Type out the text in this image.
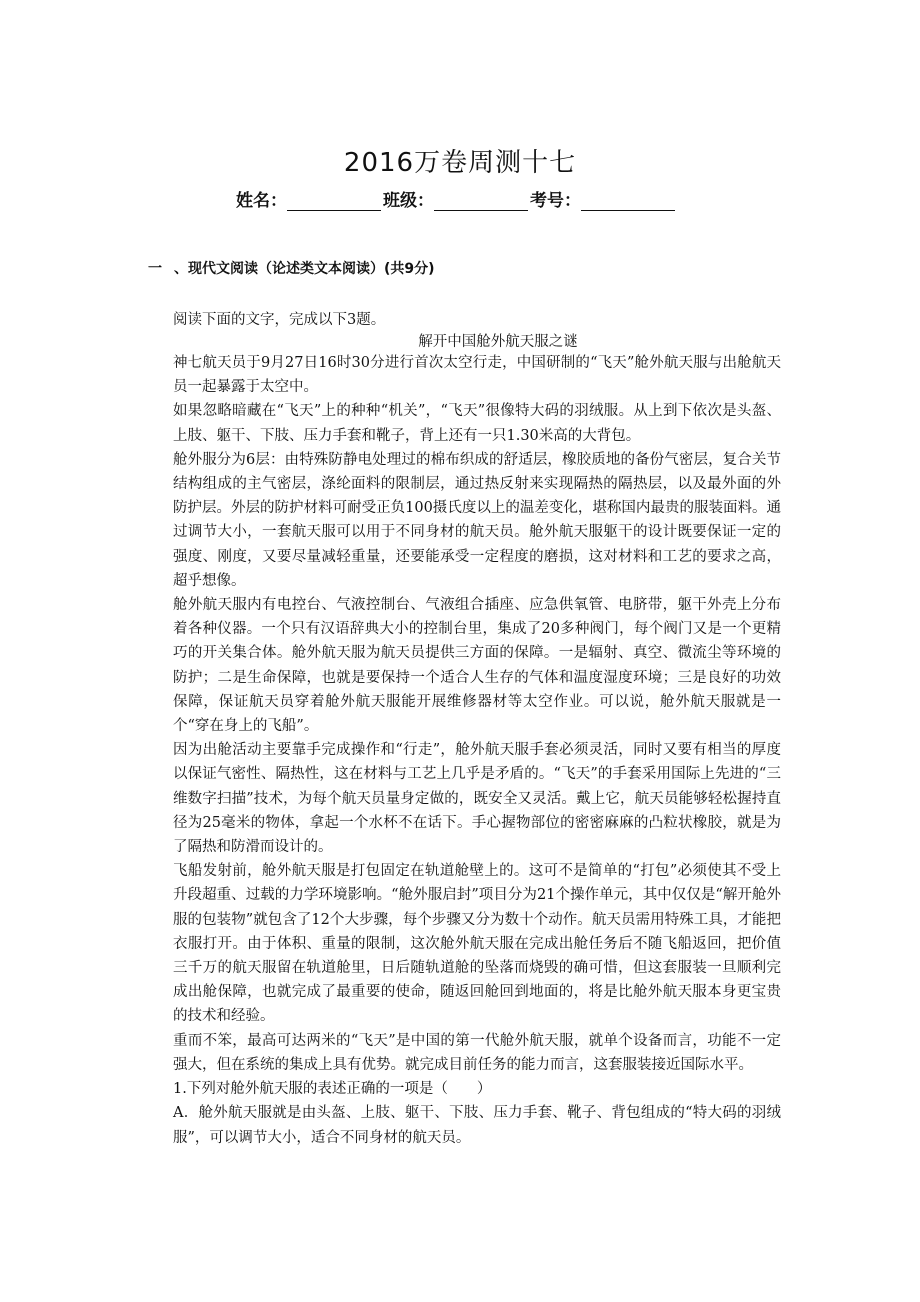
2016万卷周测十七
姓名：	班级：	考号：
一 、现代文阅读（论述类文本阅读）(共9分)
阅读下面的文字，完成以下3题。
解开中国舱外航天服之谜

神七航天员于9月27日16时30分进行首次太空行走，中国研制的“飞天”舱外航天服与出舱航天员一起暴露于太空中。

如果忽略暗藏在“飞天”上的种种“机关”，“飞天”很像特大码的羽绒服。从上到下依次是头盔、上肢、躯干、下肢、压力手套和靴子，背上还有一只1.30米高的大背包。

舱外服分为6层：由特殊防静电处理过的棉布织成的舒适层，橡胶质地的备份气密层，复合关节结构组成的主气密层，涤纶面料的限制层，通过热反射来实现隔热的隔热层，以及最外面的外防护层。外层的防护材料可耐受正负100摄氏度以上的温差变化，堪称国内最贵的服装面料。通过调节大小，一套航天服可以用于不同身材的航天员。舱外航天服躯干的设计既要保证一定的强度、刚度，又要尽量减轻重量，还要能承受一定程度的磨损，这对材料和工艺的要求之高，超乎想像。

舱外航天服内有电控台、气液控制台、气液组合插座、应急供氧管、电脐带，躯干外壳上分布着各种仪器。一个只有汉语辞典大小的控制台里，集成了20多种阀门，每个阀门又是一个更精巧的开关集合体。舱外航天服为航天员提供三方面的保障。一是辐射、真空、微流尘等环境的防护；二是生命保障，也就是要保持一个适合人生存的气体和温度湿度环境；三是良好的功效保障，保证航天员穿着舱外航天服能开展维修器材等太空作业。可以说，舱外航天服就是一个“穿在身上的飞船”。

因为出舱活动主要靠手完成操作和“行走”，舱外航天服手套必须灵活，同时又要有相当的厚度以保证气密性、隔热性，这在材料与工艺上几乎是矛盾的。“飞天”的手套采用国际上先进的“三维数字扫描”技术，为每个航天员量身定做的，既安全又灵活。戴上它，航天员能够轻松握持直径为25毫米的物体，拿起一个水杯不在话下。手心握物部位的密密麻麻的凸粒状橡胶，就是为了隔热和防滑而设计的。

飞船发射前，舱外航天服是打包固定在轨道舱壁上的。这可不是简单的“打包”必须使其不受上升段超重、过载的力学环境影响。“舱外服启封”项目分为21个操作单元，其中仅仅是“解开舱外服的包装物”就包含了12个大步骤，每个步骤又分为数十个动作。航天员需用特殊工具，才能把衣服打开。由于体积、重量的限制，这次舱外航天服在完成出舱任务后不随飞船返回，把价值三千万的航天服留在轨道舱里，日后随轨道舱的坠落而烧毁的确可惜，但这套服装一旦顺利完成出舱保障，也就完成了最重要的使命，随返回舱回到地面的，将是比舱外航天服本身更宝贵的技术和经验。

重而不笨，最高可达两米的“飞天”是中国的第一代舱外航天服，就单个设备而言，功能不一定强大，但在系统的集成上具有优势。就完成目前任务的能力而言，这套服装接近国际水平。

1.下列对舱外航天服的表述正确的一项是（　　）

A．舱外航天服就是由头盔、上肢、躯干、下肢、压力手套、靴子、背包组成的“特大码的羽绒服”，可以调节大小，适合不同身材的航天员。
